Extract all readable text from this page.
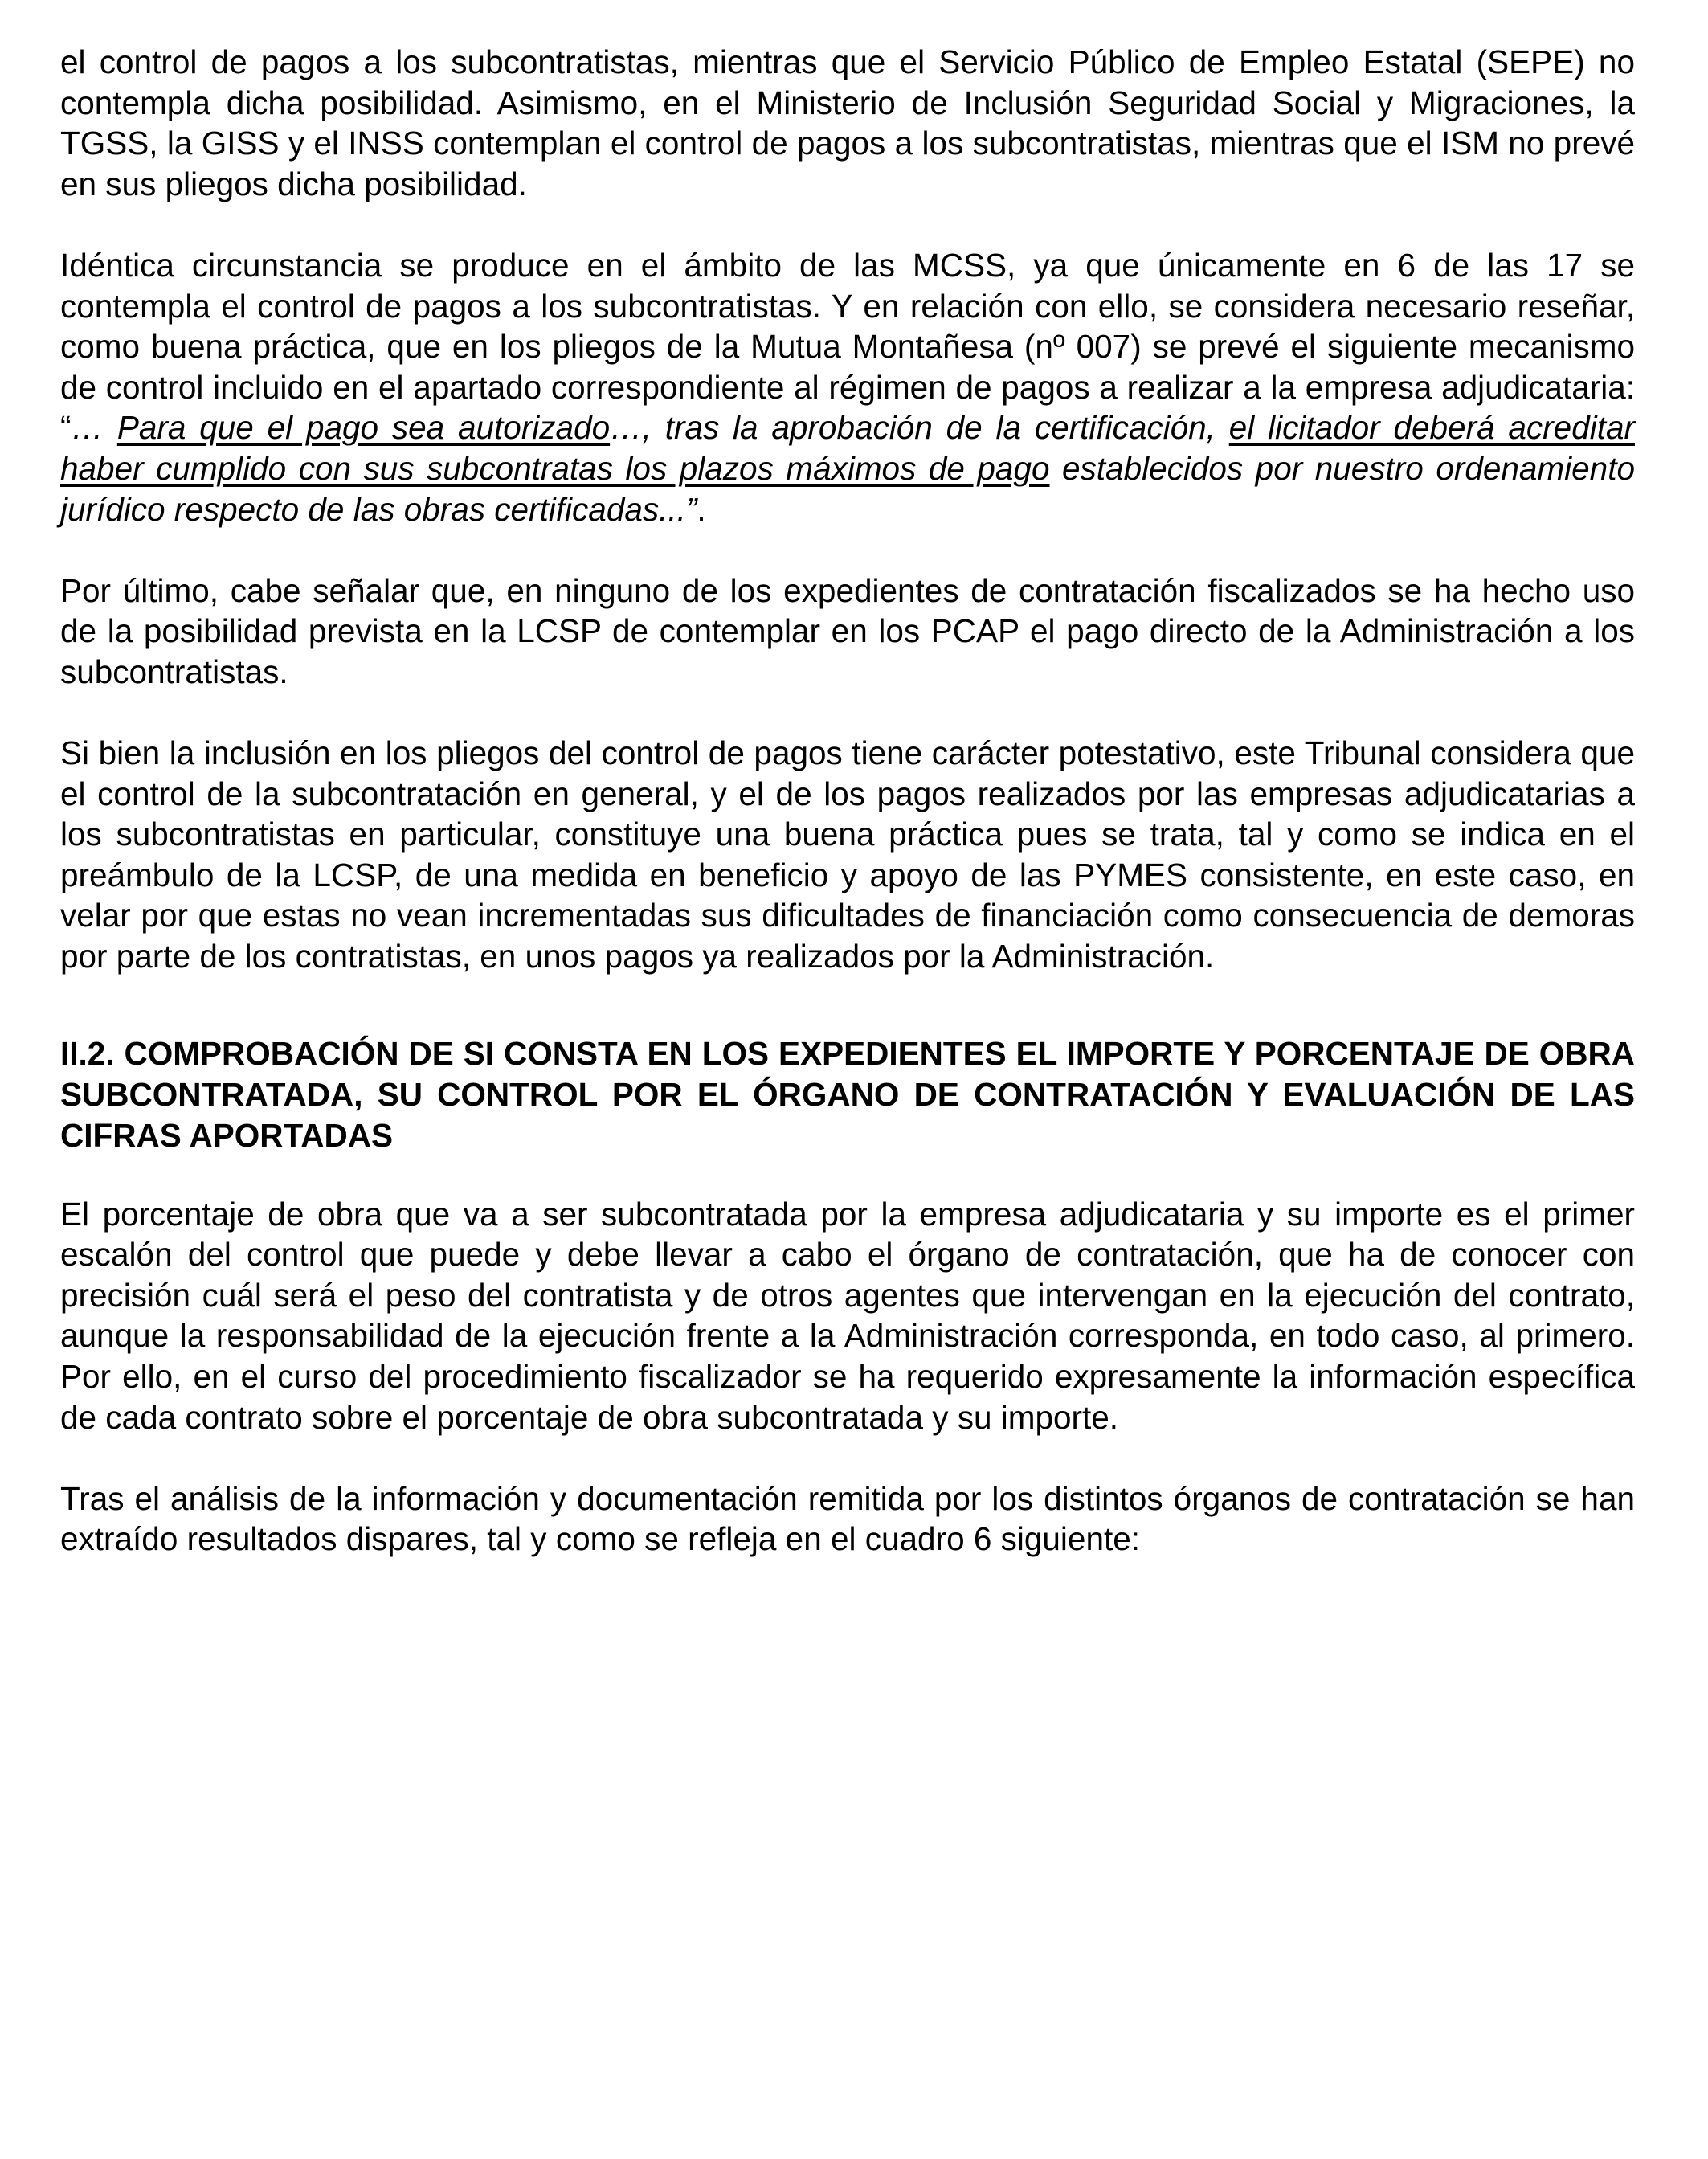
el control de pagos a los subcontratistas, mientras que el Servicio Público de Empleo Estatal (SEPE) no contempla dicha posibilidad. Asimismo, en el Ministerio de Inclusión Seguridad Social y Migraciones, la TGSS, la GISS y el INSS contemplan el control de pagos a los subcontratistas, mientras que el ISM no prevé en sus pliegos dicha posibilidad.

Idéntica circunstancia se produce en el ámbito de las MCSS, ya que únicamente en 6 de las 17 se contempla el control de pagos a los subcontratistas. Y en relación con ello, se considera necesario reseñar, como buena práctica, que en los pliegos de la Mutua Montañesa (nº 007) se prevé el siguiente mecanismo de control incluido en el apartado correspondiente al régimen de pagos a realizar a la empresa adjudicataria: “… Para que el pago sea autorizado…, tras la aprobación de la certificación, el licitador deberá acreditar haber cumplido con sus subcontratas los plazos máximos de pago establecidos por nuestro ordenamiento jurídico respecto de las obras certificadas...”.

Por último, cabe señalar que, en ninguno de los expedientes de contratación fiscalizados se ha hecho uso de la posibilidad prevista en la LCSP de contemplar en los PCAP el pago directo de la Administración a los subcontratistas.

Si bien la inclusión en los pliegos del control de pagos tiene carácter potestativo, este Tribunal considera que el control de la subcontratación en general, y el de los pagos realizados por las empresas adjudicatarias a los subcontratistas en particular, constituye una buena práctica pues se trata, tal y como se indica en el preámbulo de la LCSP, de una medida en beneficio y apoyo de las PYMES consistente, en este caso, en velar por que estas no vean incrementadas sus dificultades de financiación como consecuencia de demoras por parte de los contratistas, en unos pagos ya realizados por la Administración.

II.2. COMPROBACIÓN DE SI CONSTA EN LOS EXPEDIENTES EL IMPORTE Y PORCENTAJE DE OBRA SUBCONTRATADA, SU CONTROL POR EL ÓRGANO DE CONTRATACIÓN Y EVALUACIÓN DE LAS CIFRAS APORTADAS

El porcentaje de obra que va a ser subcontratada por la empresa adjudicataria y su importe es el primer escalón del control que puede y debe llevar a cabo el órgano de contratación, que ha de conocer con precisión cuál será el peso del contratista y de otros agentes que intervengan en la ejecución del contrato, aunque la responsabilidad de la ejecución frente a la Administración corresponda, en todo caso, al primero. Por ello, en el curso del procedimiento fiscalizador se ha requerido expresamente la información específica de cada contrato sobre el porcentaje de obra subcontratada y su importe.

Tras el análisis de la información y documentación remitida por los distintos órganos de contratación se han extraído resultados dispares, tal y como se refleja en el cuadro 6 siguiente:
